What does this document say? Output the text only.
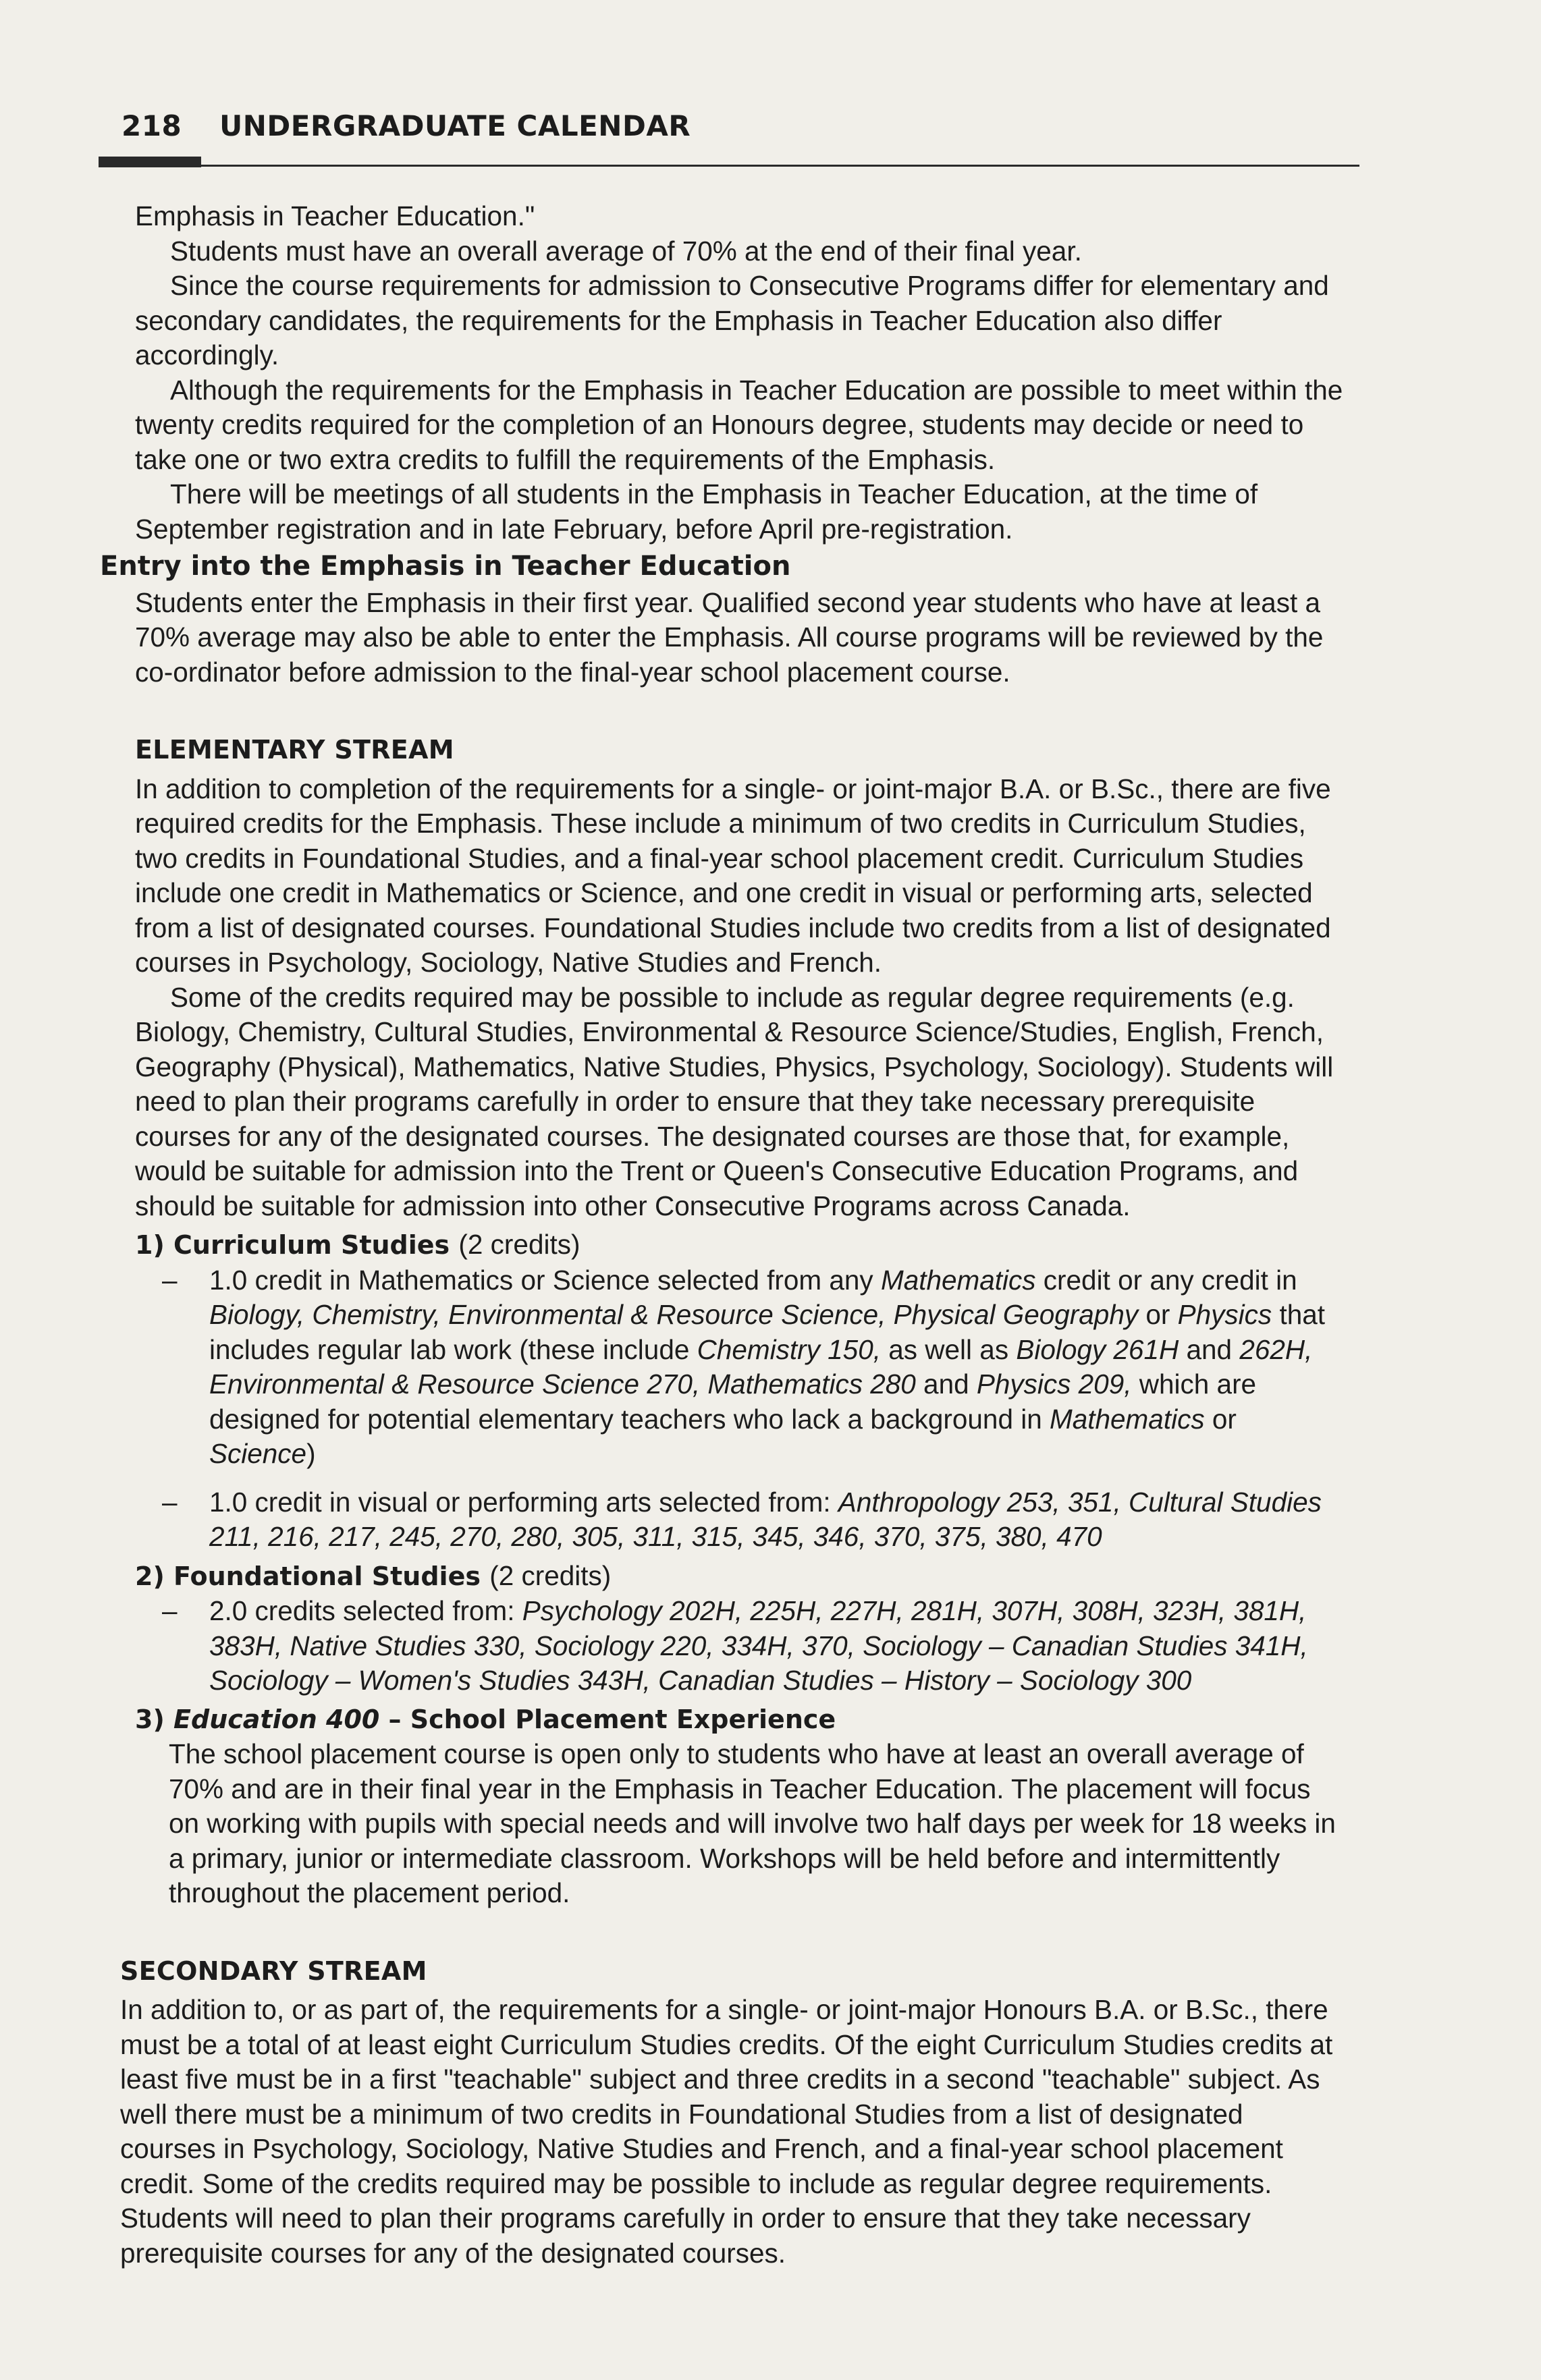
218 UNDERGRADUATE CALENDAR

Emphasis in Teacher Education."

Students must have an overall average of 70% at the end of their final year.

Since the course requirements for admission to Consecutive Programs differ for elementary and secondary candidates, the requirements for the Emphasis in Teacher Education also differ accordingly.

Although the requirements for the Emphasis in Teacher Education are possible to meet within the twenty credits required for the completion of an Honours degree, students may decide or need to take one or two extra credits to fulfill the requirements of the Emphasis.

There will be meetings of all students in the Emphasis in Teacher Education, at the time of September registration and in late February, before April pre-registration.

Entry into the Emphasis in Teacher Education

Students enter the Emphasis in their first year. Qualified second year students who have at least a 70% average may also be able to enter the Emphasis. All course programs will be reviewed by the co-ordinator before admission to the final-year school placement course.

ELEMENTARY STREAM

In addition to completion of the requirements for a single- or joint-major B.A. or B.Sc., there are five required credits for the Emphasis. These include a minimum of two credits in Curriculum Studies, two credits in Foundational Studies, and a final-year school placement credit. Curriculum Studies include one credit in Mathematics or Science, and one credit in visual or performing arts, selected from a list of designated courses. Foundational Studies include two credits from a list of designated courses in Psychology, Sociology, Native Studies and French.

Some of the credits required may be possible to include as regular degree requirements (e.g. Biology, Chemistry, Cultural Studies, Environmental & Resource Science/Studies, English, French, Geography (Physical), Mathematics, Native Studies, Physics, Psychology, Sociology). Students will need to plan their programs carefully in order to ensure that they take necessary prerequisite courses for any of the designated courses. The designated courses are those that, for example, would be suitable for admission into the Trent or Queen's Consecutive Education Programs, and should be suitable for admission into other Consecutive Programs across Canada.

1) Curriculum Studies (2 credits)
– 1.0 credit in Mathematics or Science selected from any Mathematics credit or any credit in Biology, Chemistry, Environmental & Resource Science, Physical Geography or Physics that includes regular lab work (these include Chemistry 150, as well as Biology 261H and 262H, Environmental & Resource Science 270, Mathematics 280 and Physics 209, which are designed for potential elementary teachers who lack a background in Mathematics or Science)
– 1.0 credit in visual or performing arts selected from: Anthropology 253, 351, Cultural Studies 211, 216, 217, 245, 270, 280, 305, 311, 315, 345, 346, 370, 375, 380, 470
2) Foundational Studies (2 credits)
– 2.0 credits selected from: Psychology 202H, 225H, 227H, 281H, 307H, 308H, 323H, 381H, 383H, Native Studies 330, Sociology 220, 334H, 370, Sociology – Canadian Studies 341H, Sociology – Women's Studies 343H, Canadian Studies – History – Sociology 300
3) Education 400 – School Placement Experience

The school placement course is open only to students who have at least an overall average of 70% and are in their final year in the Emphasis in Teacher Education. The placement will focus on working with pupils with special needs and will involve two half days per week for 18 weeks in a primary, junior or intermediate classroom. Workshops will be held before and intermittently throughout the placement period.

SECONDARY STREAM

In addition to, or as part of, the requirements for a single- or joint-major Honours B.A. or B.Sc., there must be a total of at least eight Curriculum Studies credits. Of the eight Curriculum Studies credits at least five must be in a first "teachable" subject and three credits in a second "teachable" subject. As well there must be a minimum of two credits in Foundational Studies from a list of designated courses in Psychology, Sociology, Native Studies and French, and a final-year school placement credit. Some of the credits required may be possible to include as regular degree requirements. Students will need to plan their programs carefully in order to ensure that they take necessary prerequisite courses for any of the designated courses.
